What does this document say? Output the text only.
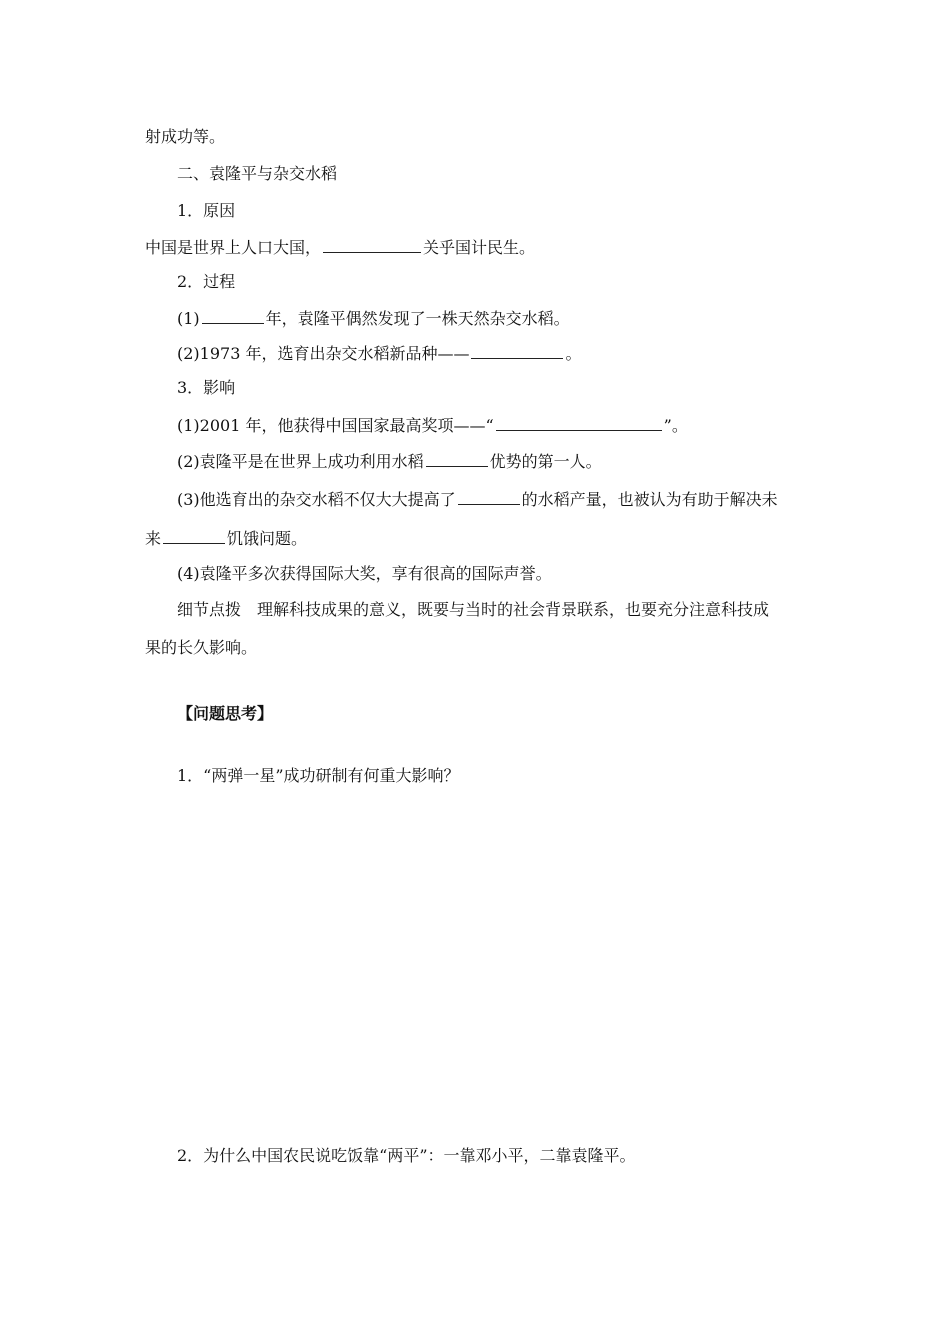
射成功等。
二、袁隆平与杂交水稻
1．原因
中国是世界上人口大国，	关乎国计民生。
2．过程
(1)	年，袁隆平偶然发现了一株天然杂交水稻。
(2)1973 年，选育出杂交水稻新品种——	。
3．影响
(1)2001 年，他获得中国国家最高奖项——“	”。
(2)袁隆平是在世界上成功利用水稻	优势的第一人。
(3)他选育出的杂交水稻不仅大大提高了	的水稻产量，也被认为有助于解决未
来	饥饿问题。
(4)袁隆平多次获得国际大奖，享有很高的国际声誉。
细节点拨　理解科技成果的意义，既要与当时的社会背景联系，也要充分注意科技成
果的长久影响。
【问题思考】
1．“两弹一星”成功研制有何重大影响？
2．为什么中国农民说吃饭靠“两平”：一靠邓小平，二靠袁隆平。
